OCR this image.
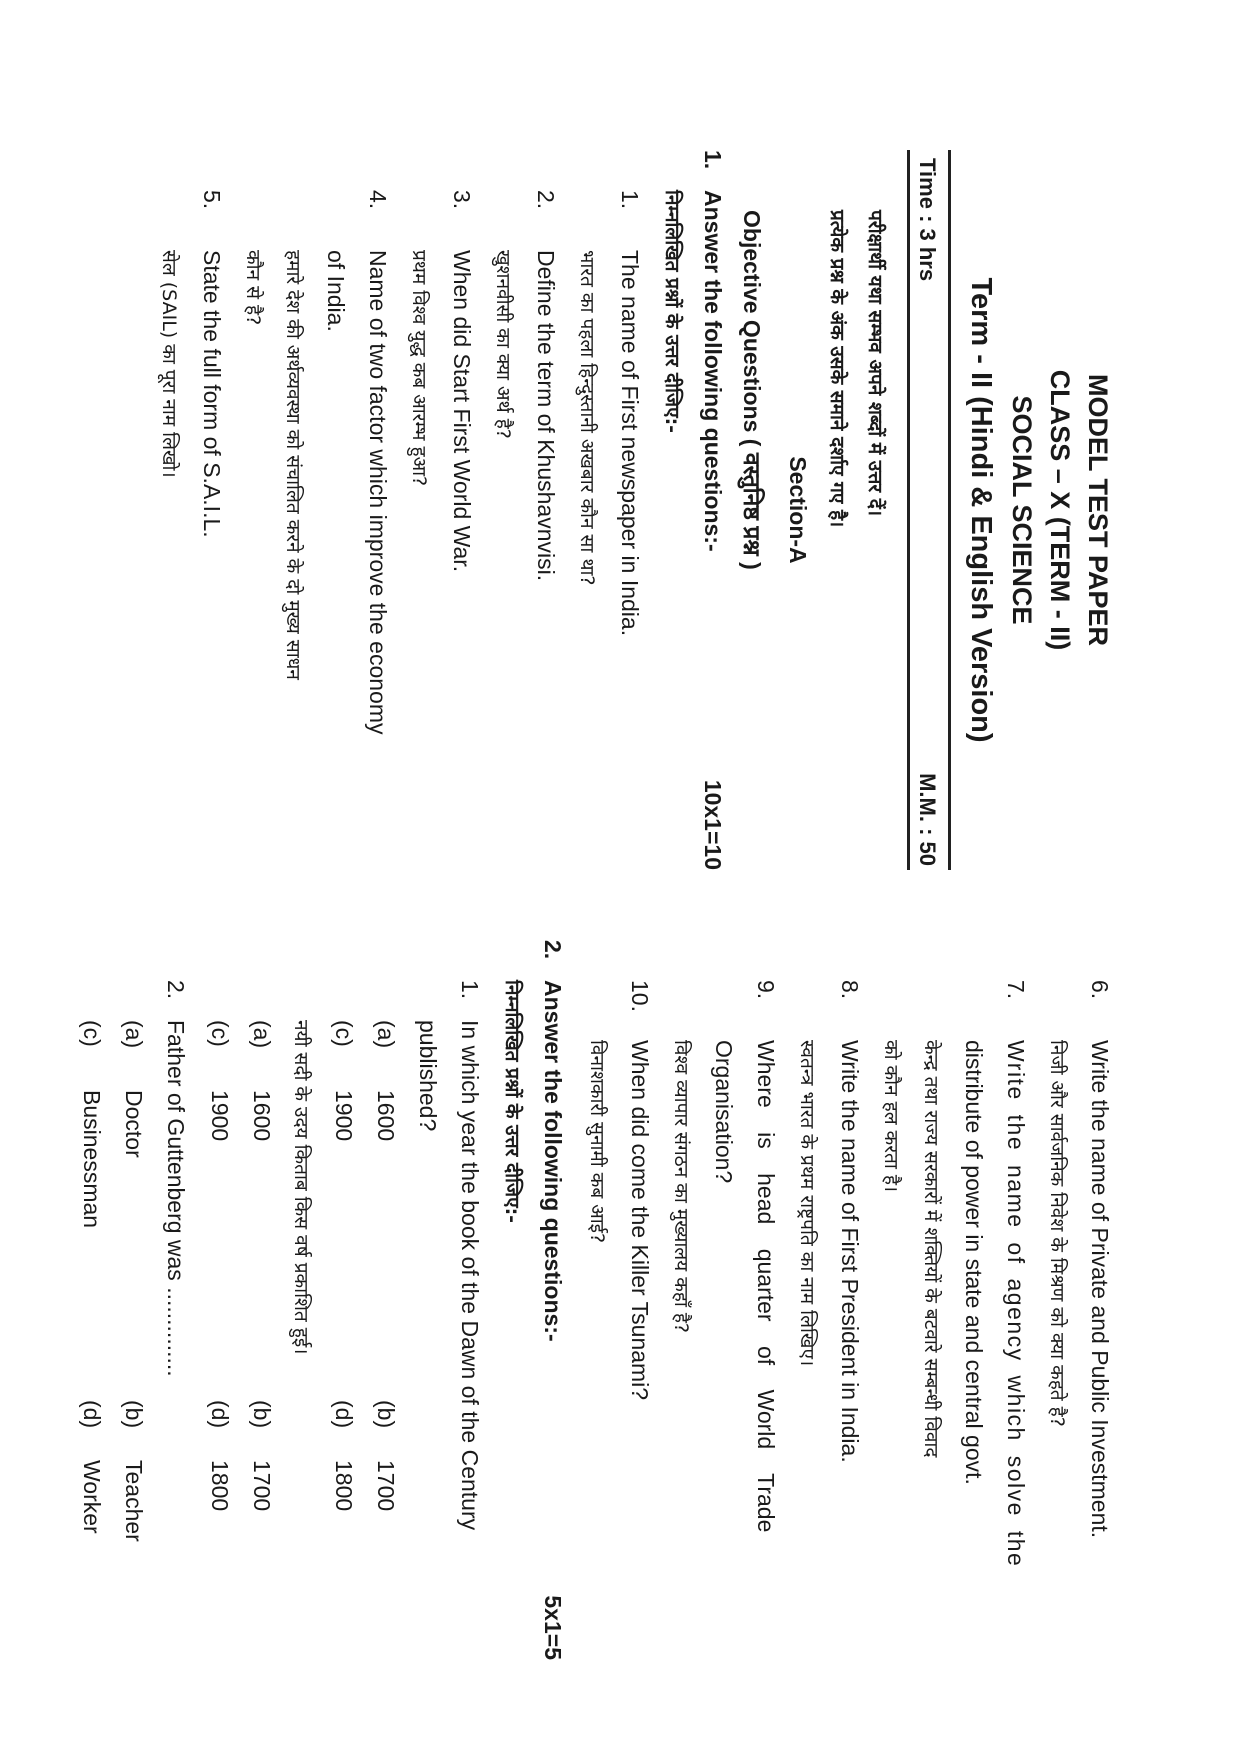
MODEL TEST PAPER
CLASS – X (TERM - II)
SOCIAL SCIENCE
Term - II (Hindi & English Version)
Time : 3 hrs
M.M. : 50
परीक्षार्थी यथा सम्भव अपने शब्दों में उत्तर दें।
प्रत्येक प्रश्न के अंक उसके समाने दर्शाए गए है।
Section-A
Objective Questions ( वस्तुनिष्ठ प्रश्न )
1.
Answer the following questions:-
10x1=10
निम्नलिखित प्रश्नों के उत्तर दीजिए:-
1.
The name of First newspaper in India.
भारत का पहला हिन्दुस्तानी अखबार कौन सा था?
2.
Define the term of Khushavnvisi.
खुशनवीसी का क्या अर्थ है?
3.
When did Start First World War.
प्रथम विश्व युद्ध कब आरम्भ हुआ?
4.
Name of two factor which improve the economy
of India.
हमारे देश की अर्थव्यवस्था को संचालित करने के दो मुख्य साधन
कौन से है?
5.
State the full form of S.A.I.L.
सेल (SAIL) का पूरा नाम लिखो।
6.
Write the name of Private and Public Investment.
निजी और सार्वजनिक निवेश के मिश्रण को क्या कहते है?
7.
Write the name of agency which solve the
distribute of power in state and central govt.
केन्द्र तथा राज्य सरकारों में शक्तियों के बटवारे सम्बन्धी विवाद
को कौन हल करता है।
8.
Write the name of First President in India.
स्वतन्त्र भारत के प्रथम राष्ट्रपति का नाम लिखिए।
9.
Where is head quarter of World Trade
Organisation?
विश्व व्यापार संगठन का मुख्यालय कहाँ है?
10.
When did come the Killer Tsunami?
विनाशकारी सुनामी कब आई?
2.
Answer the following questions:-
5x1=5
निम्नलिखित प्रश्नों के उत्तर दीजिए:-
1.
In which year the book of the Dawn of the Century
published?
(a)
1600
(b)
1700
(c)
1900
(d)
1800
नयी सदी के उदय किताब किस वर्ष प्रकाशित हुई।
(a)
1600
(b)
1700
(c)
1900
(d)
1800
2.
Father of Guttenberg was ..............
(a)
Doctor
(b)
Teacher
(c)
Businessman
(d)
Worker
